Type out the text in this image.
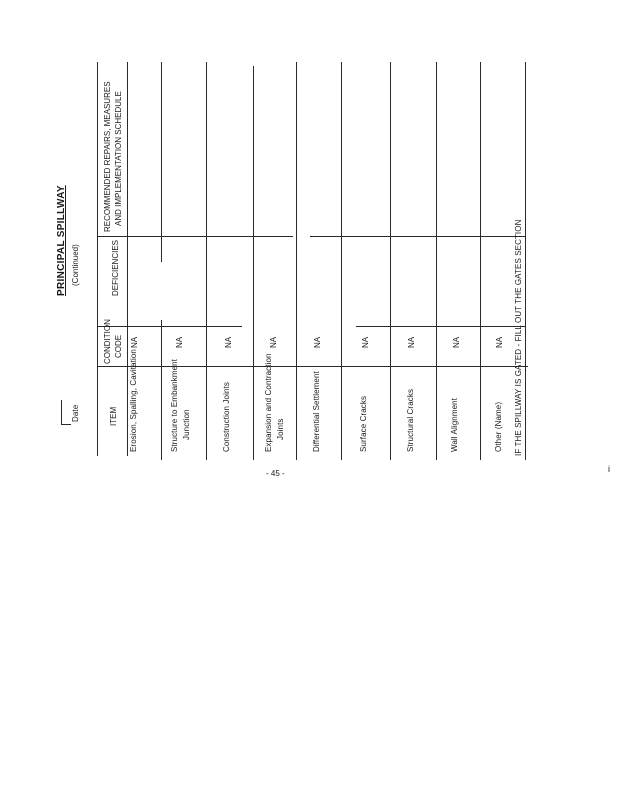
Date
PRINCIPAL SPILLWAY (Continued)
ITEM
CONDITION CODE
DEFICIENCIES
RECOMMENDED REPAIRS, MEASURES AND IMPLEMENTATION SCHEDULE
Erosion, Spalling, Cavitation
NA
Structure to Embankment Junction
NA
Construction Joints
NA
Expansion and Contraction Joints
NA
Differential Settlement
NA
Surface Cracks
NA
Structural Cracks
NA
Wall Alignment
NA
Other (Name)
NA IF THE SPILLWAY IS GATED - FILL OUT THE GATES SECTION
- 45 -	i
